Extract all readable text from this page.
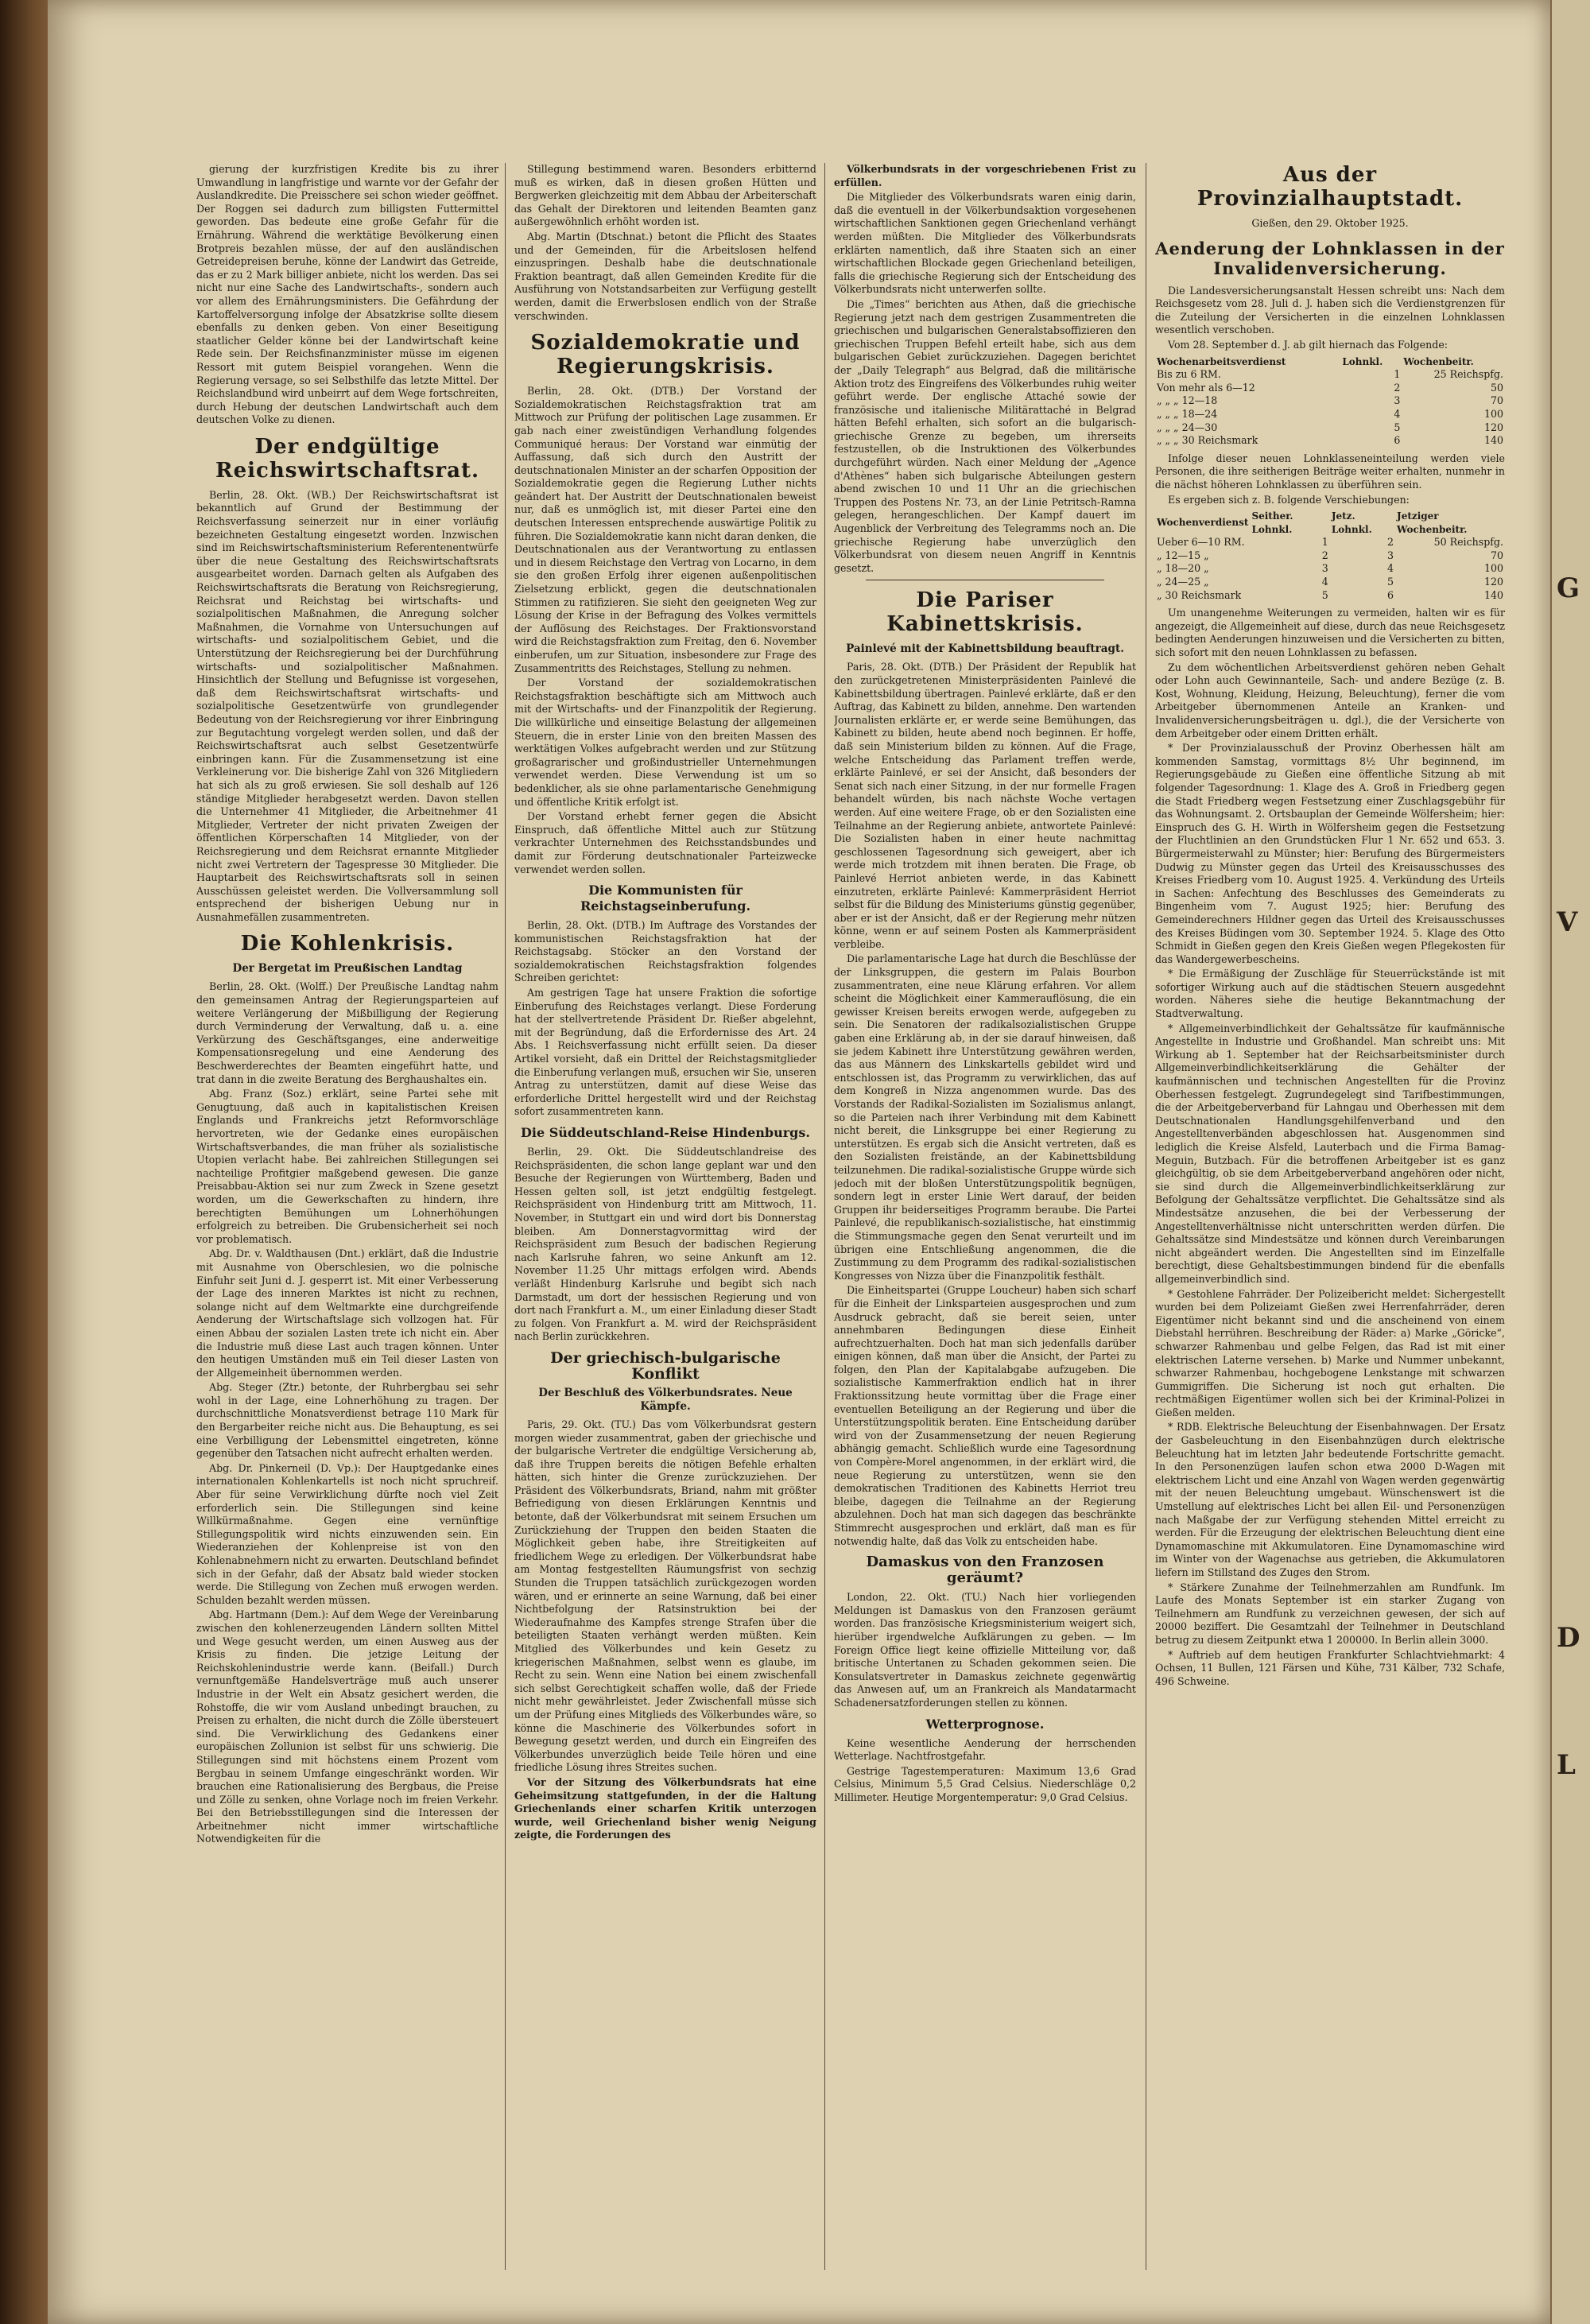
gierung der kurzfristigen Kredite bis zu ihrer Umwandlung in langfristige und warnte vor der Gefahr der Auslandkredite. Die Preisschere sei schon wieder geöffnet. Der Roggen sei dadurch zum billigsten Futtermittel geworden. Das bedeute eine große Gefahr für die Ernährung. Während die werktätige Bevölkerung einen Brotpreis bezahlen müsse, der auf den ausländischen Getreidepreisen beruhe, könne der Landwirt das Getreide, das er zu 2 Mark billiger anbiete, nicht los werden. Das sei nicht nur eine Sache des Landwirtschafts-, sondern auch vor allem des Ernährungsministers. Die Gefährdung der Kartoffelversorgung infolge der Absatzkrise sollte diesem ebenfalls zu denken geben. Von einer Beseitigung staatlicher Gelder könne bei der Landwirtschaft keine Rede sein. Der Reichsfinanzminister müsse im eigenen Ressort mit gutem Beispiel vorangehen. Wenn die Regierung versage, so sei Selbsthilfe das letzte Mittel. Der Reichslandbund wird unbeirrt auf dem Wege fortschreiten, durch Hebung der deutschen Landwirtschaft auch dem deutschen Volke zu dienen.

Der endgültige Reichswirtschaftsrat.

Berlin, 28. Okt. (WB.) Der Reichswirtschaftsrat ist bekanntlich auf Grund der Bestimmung der Reichsverfassung seinerzeit nur in einer vorläufig bezeichneten Gestaltung eingesetzt worden. Inzwischen sind im Reichswirtschaftsministerium Referentenentwürfe über die neue Gestaltung des Reichswirtschaftsrats ausgearbeitet worden. Darnach gelten als Aufgaben des Reichswirtschaftsrats die Beratung von Reichsregierung, Reichsrat und Reichstag bei wirtschafts- und sozialpolitischen Maßnahmen, die Anregung solcher Maßnahmen, die Vornahme von Untersuchungen auf wirtschafts- und sozialpolitischem Gebiet, und die Unterstützung der Reichsregierung bei der Durchführung wirtschafts- und sozialpolitischer Maßnahmen. Hinsichtlich der Stellung und Befugnisse ist vorgesehen, daß dem Reichswirtschaftsrat wirtschafts- und sozialpolitische Gesetzentwürfe von grundlegender Bedeutung von der Reichsregierung vor ihrer Einbringung zur Begutachtung vorgelegt werden sollen, und daß der Reichswirtschaftsrat auch selbst Gesetzentwürfe einbringen kann. Für die Zusammensetzung ist eine Verkleinerung vor. Die bisherige Zahl von 326 Mitgliedern hat sich als zu groß erwiesen. Sie soll deshalb auf 126 ständige Mitglieder herabgesetzt werden. Davon stellen die Unternehmer 41 Mitglieder, die Arbeitnehmer 41 Mitglieder, Vertreter der nicht privaten Zweigen der öffentlichen Körperschaften 14 Mitglieder, von der Reichsregierung und dem Reichsrat ernannte Mitglieder nicht zwei Vertretern der Tagespresse 30 Mitglieder. Die Hauptarbeit des Reichswirtschaftsrats soll in seinen Ausschüssen geleistet werden. Die Vollversammlung soll entsprechend der bisherigen Uebung nur in Ausnahmefällen zusammentreten.

Die Kohlenkrisis.
Der Bergetat im Preußischen Landtag

Berlin, 28. Okt. (Wolff.) Der Preußische Landtag nahm den gemeinsamen Antrag der Regierungsparteien auf weitere Verlängerung der Mißbilligung der Regierung durch Verminderung der Verwaltung, daß u. a. eine Verkürzung des Geschäftsganges, eine anderweitige Kompensationsregelung und eine Aenderung des Beschwerderechtes der Beamten eingeführt hatte, und trat dann in die zweite Beratung des Berghaushaltes ein.

Abg. Franz (Soz.) erklärt, seine Partei sehe mit Genugtuung, daß auch in kapitalistischen Kreisen Englands und Frankreichs jetzt Reformvorschläge hervortreten, wie der Gedanke eines europäischen Wirtschaftsverbandes, die man früher als sozialistische Utopien verlacht habe. Bei zahlreichen Stillegungen sei nachteilige Profitgier maßgebend gewesen. Die ganze Preisabbau-Aktion sei nur zum Zweck in Szene gesetzt worden, um die Gewerkschaften zu hindern, ihre berechtigten Bemühungen um Lohnerhöhungen erfolgreich zu betreiben. Die Grubensicherheit sei noch vor problematisch.

Abg. Dr. v. Waldthausen (Dnt.) erklärt, daß die Industrie mit Ausnahme von Oberschlesien, wo die polnische Einfuhr seit Juni d. J. gesperrt ist. Mit einer Verbesserung der Lage des inneren Marktes ist nicht zu rechnen, solange nicht auf dem Weltmarkte eine durchgreifende Aenderung der Wirtschaftslage sich vollzogen hat. Für einen Abbau der sozialen Lasten trete ich nicht ein. Aber die Industrie muß diese Last auch tragen können. Unter den heutigen Umständen muß ein Teil dieser Lasten von der Allgemeinheit übernommen werden.

Abg. Steger (Ztr.) betonte, der Ruhrbergbau sei sehr wohl in der Lage, eine Lohnerhöhung zu tragen. Der durchschnittliche Monatsverdienst betrage 110 Mark für den Bergarbeiter reiche nicht aus. Die Behauptung, es sei eine Verbilligung der Lebensmittel eingetreten, könne gegenüber den Tatsachen nicht aufrecht erhalten werden.

Abg. Dr. Pinkerneil (D. Vp.): Der Hauptgedanke eines internationalen Kohlenkartells ist noch nicht spruchreif. Aber für seine Verwirklichung dürfte noch viel Zeit erforderlich sein. Die Stillegungen sind keine Willkürmaßnahme. Gegen eine vernünftige Stillegungspolitik wird nichts einzuwenden sein. Ein Wiederanziehen der Kohlenpreise ist von den Kohlenabnehmern nicht zu erwarten. Deutschland befindet sich in der Gefahr, daß der Absatz bald wieder stocken werde. Die Stillegung von Zechen muß erwogen werden. Schulden bezahlt werden müssen.

Abg. Hartmann (Dem.): Auf dem Wege der Vereinbarung zwischen den kohlenerzeugenden Ländern sollten Mittel und Wege gesucht werden, um einen Ausweg aus der Krisis zu finden. Die jetzige Leitung der Reichskohlenindustrie werde kann. (Beifall.) Durch vernunftgemäße Handelsverträge muß auch unserer Industrie in der Welt ein Absatz gesichert werden, die Rohstoffe, die wir vom Ausland unbedingt brauchen, zu Preisen zu erhalten, die nicht durch die Zölle übersteuert sind. Die Verwirklichung des Gedankens einer europäischen Zollunion ist selbst für uns schwierig. Die Stillegungen sind mit höchstens einem Prozent vom Bergbau in seinem Umfange eingeschränkt worden. Wir brauchen eine Rationalisierung des Bergbaus, die Preise und Zölle zu senken, ohne Vorlage noch im freien Verkehr. Bei den Betriebsstillegungen sind die Interessen der Arbeitnehmer nicht immer wirtschaftliche Notwendigkeiten für die

Stillegung bestimmend waren. Besonders erbitternd muß es wirken, daß in diesen großen Hütten und Bergwerken gleichzeitig mit dem Abbau der Arbeiterschaft das Gehalt der Direktoren und leitenden Beamten ganz außergewöhnlich erhöht worden ist.

Abg. Martin (Dtschnat.) betont die Pflicht des Staates und der Gemeinden, für die Arbeitslosen helfend einzuspringen. Deshalb habe die deutschnationale Fraktion beantragt, daß allen Gemeinden Kredite für die Ausführung von Notstandsarbeiten zur Verfügung gestellt werden, damit die Erwerbslosen endlich von der Straße verschwinden.

Sozialdemokratie und Regierungskrisis.

Berlin, 28. Okt. (DTB.) Der Vorstand der Sozialdemokratischen Reichstagsfraktion trat am Mittwoch zur Prüfung der politischen Lage zusammen. Er gab nach einer zweistündigen Verhandlung folgendes Communiqué heraus: Der Vorstand war einmütig der Auffassung, daß sich durch den Austritt der deutschnationalen Minister an der scharfen Opposition der Sozialdemokratie gegen die Regierung Luther nichts geändert hat. Der Austritt der Deutschnationalen beweist nur, daß es unmöglich ist, mit dieser Partei eine den deutschen Interessen entsprechende auswärtige Politik zu führen. Die Sozialdemokratie kann nicht daran denken, die Deutschnationalen aus der Verantwortung zu entlassen und in diesem Reichstage den Vertrag von Locarno, in dem sie den großen Erfolg ihrer eigenen außenpolitischen Zielsetzung erblickt, gegen die deutschnationalen Stimmen zu ratifizieren. Sie sieht den geeigneten Weg zur Lösung der Krise in der Befragung des Volkes vermittels der Auflösung des Reichstages. Der Fraktionsvorstand wird die Reichstagsfraktion zum Freitag, den 6. November einberufen, um zur Situation, insbesondere zur Frage des Zusammentritts des Reichstages, Stellung zu nehmen.

Der Vorstand der sozialdemokratischen Reichstagsfraktion beschäftigte sich am Mittwoch auch mit der Wirtschafts- und der Finanzpolitik der Regierung. Die willkürliche und einseitige Belastung der allgemeinen Steuern, die in erster Linie von den breiten Massen des werktätigen Volkes aufgebracht werden und zur Stützung großagrarischer und großindustrieller Unternehmungen verwendet werden. Diese Verwendung ist um so bedenklicher, als sie ohne parlamentarische Genehmigung und öffentliche Kritik erfolgt ist.

Der Vorstand erhebt ferner gegen die Absicht Einspruch, daß öffentliche Mittel auch zur Stützung verkrachter Unternehmen des Reichsstandsbundes und damit zur Förderung deutschnationaler Parteizwecke verwendet werden sollen.

Die Kommunisten für Reichstagseinberufung.

Berlin, 28. Okt. (DTB.) Im Auftrage des Vorstandes der kommunistischen Reichstagsfraktion hat der Reichstagsabg. Stöcker an den Vorstand der sozialdemokratischen Reichstagsfraktion folgendes Schreiben gerichtet:

Am gestrigen Tage hat unsere Fraktion die sofortige Einberufung des Reichstages verlangt. Diese Forderung hat der stellvertretende Präsident Dr. Rießer abgelehnt, mit der Begründung, daß die Erfordernisse des Art. 24 Abs. 1 Reichsverfassung nicht erfüllt seien. Da dieser Artikel vorsieht, daß ein Drittel der Reichstagsmitglieder die Einberufung verlangen muß, ersuchen wir Sie, unseren Antrag zu unterstützen, damit auf diese Weise das erforderliche Drittel hergestellt wird und der Reichstag sofort zusammentreten kann.

Die Süddeutschland-Reise Hindenburgs.

Berlin, 29. Okt. Die Süddeutschlandreise des Reichspräsidenten, die schon lange geplant war und den Besuche der Regierungen von Württemberg, Baden und Hessen gelten soll, ist jetzt endgültig festgelegt. Reichspräsident von Hindenburg tritt am Mittwoch, 11. November, in Stuttgart ein und wird dort bis Donnerstag bleiben. Am Donnerstagvormittag wird der Reichspräsident zum Besuch der badischen Regierung nach Karlsruhe fahren, wo seine Ankunft am 12. November 11.25 Uhr mittags erfolgen wird. Abends verläßt Hindenburg Karlsruhe und begibt sich nach Darmstadt, um dort der hessischen Regierung und von dort nach Frankfurt a. M., um einer Einladung dieser Stadt zu folgen. Von Frankfurt a. M. wird der Reichspräsident nach Berlin zurückkehren.

Der griechisch-bulgarische Konflikt
Der Beschluß des Völkerbundsrates. Neue Kämpfe.

Paris, 29. Okt. (TU.) Das vom Völkerbundsrat gestern morgen wieder zusammentrat, gaben der griechische und der bulgarische Vertreter die endgültige Versicherung ab, daß ihre Truppen bereits die nötigen Befehle erhalten hätten, sich hinter die Grenze zurückzuziehen. Der Präsident des Völkerbundsrats, Briand, nahm mit größter Befriedigung von diesen Erklärungen Kenntnis und betonte, daß der Völkerbundsrat mit seinem Ersuchen um Zurückziehung der Truppen den beiden Staaten die Möglichkeit geben habe, ihre Streitigkeiten auf friedlichem Wege zu erledigen. Der Völkerbundsrat habe am Montag festgestellten Räumungsfrist von sechzig Stunden die Truppen tatsächlich zurückgezogen worden wären, und er erinnerte an seine Warnung, daß bei einer Nichtbefolgung der Ratsinstruktion bei der Wiederaufnahme des Kampfes strenge Strafen über die beteiligten Staaten verhängt werden müßten. Kein Mitglied des Völkerbundes und kein Gesetz zu kriegerischen Maßnahmen, selbst wenn es glaube, im Recht zu sein. Wenn eine Nation bei einem zwischenfall sich selbst Gerechtigkeit schaffen wolle, daß der Friede nicht mehr gewährleistet. Jeder Zwischenfall müsse sich um der Prüfung eines Mitglieds des Völkerbundes wäre, so könne die Maschinerie des Völkerbundes sofort in Bewegung gesetzt werden, und durch ein Eingreifen des Völkerbundes unverzüglich beide Teile hören und eine friedliche Lösung ihres Streites suchen.

Vor der Sitzung des Völkerbundsrats hat eine Geheimsitzung stattgefunden, in der die Haltung Griechenlands einer scharfen Kritik unterzogen wurde, weil Griechenland bisher wenig Neigung zeigte, die Forderungen des

Völkerbundsrats in der vorgeschriebenen Frist zu erfüllen.

Die Mitglieder des Völkerbundsrats waren einig darin, daß die eventuell in der Völkerbundsaktion vorgesehenen wirtschaftlichen Sanktionen gegen Griechenland verhängt werden müßten. Die Mitglieder des Völkerbundsrats erklärten namentlich, daß ihre Staaten sich an einer wirtschaftlichen Blockade gegen Griechenland beteiligen, falls die griechische Regierung sich der Entscheidung des Völkerbundsrats nicht unterwerfen sollte.

Die „Times“ berichten aus Athen, daß die griechische Regierung jetzt nach dem gestrigen Zusammentreten die griechischen und bulgarischen Generalstabsoffizieren den griechischen Truppen Befehl erteilt habe, sich aus dem bulgarischen Gebiet zurückzuziehen. Dagegen berichtet der „Daily Telegraph“ aus Belgrad, daß die militärische Aktion trotz des Eingreifens des Völkerbundes ruhig weiter geführt werde. Der englische Attaché sowie der französische und italienische Militärattaché in Belgrad hätten Befehl erhalten, sich sofort an die bulgarisch-griechische Grenze zu begeben, um ihrerseits festzustellen, ob die Instruktionen des Völkerbundes durchgeführt würden. Nach einer Meldung der „Agence d'Athènes“ haben sich bulgarische Abteilungen gestern abend zwischen 10 und 11 Uhr an die griechischen Truppen des Postens Nr. 73, an der Linie Petritsch-Ramna gelegen, herangeschlichen. Der Kampf dauert im Augenblick der Verbreitung des Telegramms noch an. Die griechische Regierung habe unverzüglich den Völkerbundsrat von diesem neuen Angriff in Kenntnis gesetzt.

Die Pariser Kabinettskrisis.
Painlevé mit der Kabinettsbildung beauftragt.

Paris, 28. Okt. (DTB.) Der Präsident der Republik hat den zurückgetretenen Ministerpräsidenten Painlevé die Kabinettsbildung übertragen. Painlevé erklärte, daß er den Auftrag, das Kabinett zu bilden, annehme. Den wartenden Journalisten erklärte er, er werde seine Bemühungen, das Kabinett zu bilden, heute abend noch beginnen. Er hoffe, daß sein Ministerium bilden zu können. Auf die Frage, welche Entscheidung das Parlament treffen werde, erklärte Painlevé, er sei der Ansicht, daß besonders der Senat sich nach einer Sitzung, in der nur formelle Fragen behandelt würden, bis nach nächste Woche vertagen werden. Auf eine weitere Frage, ob er den Sozialisten eine Teilnahme an der Regierung anbiete, antwortete Painlevé: Die Sozialisten haben in einer heute nachmittag geschlossenen Tagesordnung sich geweigert, aber ich werde mich trotzdem mit ihnen beraten. Die Frage, ob Painlevé Herriot anbieten werde, in das Kabinett einzutreten, erklärte Painlevé: Kammerpräsident Herriot selbst für die Bildung des Ministeriums günstig gegenüber, aber er ist der Ansicht, daß er der Regierung mehr nützen könne, wenn er auf seinem Posten als Kammerpräsident verbleibe.

Die parlamentarische Lage hat durch die Beschlüsse der der Linksgruppen, die gestern im Palais Bourbon zusammentraten, eine neue Klärung erfahren. Vor allem scheint die Möglichkeit einer Kammerauflösung, die ein gewisser Kreisen bereits erwogen werde, aufgegeben zu sein. Die Senatoren der radikalsozialistischen Gruppe gaben eine Erklärung ab, in der sie darauf hinweisen, daß sie jedem Kabinett ihre Unterstützung gewähren werden, das aus Männern des Linkskartells gebildet wird und entschlossen ist, das Programm zu verwirklichen, das auf dem Kongreß in Nizza angenommen wurde. Das des Vorstands der Radikal-Sozialisten im Sozialismus anlangt, so die Parteien nach ihrer Verbindung mit dem Kabinett nicht bereit, die Linksgruppe bei einer Regierung zu unterstützen. Es ergab sich die Ansicht vertreten, daß es den Sozialisten freistände, an der Kabinettsbildung teilzunehmen. Die radikal-sozialistische Gruppe würde sich jedoch mit der bloßen Unterstützungspolitik begnügen, sondern legt in erster Linie Wert darauf, der beiden Gruppen ihr beiderseitiges Programm beraube. Die Partei Painlevé, die republikanisch-sozialistische, hat einstimmig die Stimmungsmache gegen den Senat verurteilt und im übrigen eine Entschließung angenommen, die die Zustimmung zu dem Programm des radikal-sozialistischen Kongresses von Nizza über die Finanzpolitik festhält.

Die Einheitspartei (Gruppe Loucheur) haben sich scharf für die Einheit der Linksparteien ausgesprochen und zum Ausdruck gebracht, daß sie bereit seien, unter annehmbaren Bedingungen diese Einheit aufrechtzuerhalten. Doch hat man sich jedenfalls darüber einigen können, daß man über die Ansicht, der Partei zu folgen, den Plan der Kapitalabgabe aufzugeben. Die sozialistische Kammerfraktion endlich hat in ihrer Fraktionssitzung heute vormittag über die Frage einer eventuellen Beteiligung an der Regierung und über die Unterstützungspolitik beraten. Eine Entscheidung darüber wird von der Zusammensetzung der neuen Regierung abhängig gemacht. Schließlich wurde eine Tagesordnung von Compère-Morel angenommen, in der erklärt wird, die neue Regierung zu unterstützen, wenn sie den demokratischen Traditionen des Kabinetts Herriot treu bleibe, dagegen die Teilnahme an der Regierung abzulehnen. Doch hat man sich dagegen das beschränkte Stimmrecht ausgesprochen und erklärt, daß man es für notwendig halte, daß das Volk zu entscheiden habe.

Damaskus von den Franzosen geräumt?

London, 22. Okt. (TU.) Nach hier vorliegenden Meldungen ist Damaskus von den Franzosen geräumt worden. Das französische Kriegsministerium weigert sich, hierüber irgendwelche Aufklärungen zu geben. — Im Foreign Office liegt keine offizielle Mitteilung vor, daß britische Untertanen zu Schaden gekommen seien. Die Konsulatsvertreter in Damaskus zeichnete gegenwärtig das Anwesen auf, um an Frankreich als Mandatarmacht Schadenersatzforderungen stellen zu können.

Wetterprognose.

Keine wesentliche Aenderung der herrschenden Wetterlage. Nachtfrostgefahr.

Gestrige Tagestemperaturen: Maximum 13,6 Grad Celsius, Minimum 5,5 Grad Celsius. Niederschläge 0,2 Millimeter. Heutige Morgentemperatur: 9,0 Grad Celsius.

Aus der Provinzialhauptstadt.
Gießen, den 29. Oktober 1925.
Aenderung der Lohnklassen in der Invalidenversicherung.

Die Landesversicherungsanstalt Hessen schreibt uns: Nach dem Reichsgesetz vom 28. Juli d. J. haben sich die Verdienstgrenzen für die Zuteilung der Versicherten in die einzelnen Lohnklassen wesentlich verschoben.

Vom 28. September d. J. ab gilt hiernach das Folgende:

Wochenarbeitsverdienst	Lohnkl.	Wochenbeitr.
Bis zu 6 RM.	1	25 Reichspfg.
Von mehr als 6—12	2	50
„ „ „ 12—18	3	70
„ „ „ 18—24	4	100
„ „ „ 24—30	5	120
„ „ „ 30 Reichsmark	6	140

Infolge dieser neuen Lohnklasseneinteilung werden viele Personen, die ihre seitherigen Beiträge weiter erhalten, nunmehr in die nächst höheren Lohnklassen zu überführen sein.

Es ergeben sich z. B. folgende Verschiebungen:

Wochenverdienst	Seither. Lohnkl.	Jetz. Lohnkl.	Jetziger Wochenbeitr.
Ueber 6—10 RM.	1	2	50 Reichspfg.
„ 12—15 „	2	3	70
„ 18—20 „	3	4	100
„ 24—25 „	4	5	120
„ 30 Reichsmark	5	6	140

Um unangenehme Weiterungen zu vermeiden, halten wir es für angezeigt, die Allgemeinheit auf diese, durch das neue Reichsgesetz bedingten Aenderungen hinzuweisen und die Versicherten zu bitten, sich sofort mit den neuen Lohnklassen zu befassen.

Zu dem wöchentlichen Arbeitsverdienst gehören neben Gehalt oder Lohn auch Gewinnanteile, Sach- und andere Bezüge (z. B. Kost, Wohnung, Kleidung, Heizung, Beleuchtung), ferner die vom Arbeitgeber übernommenen Anteile an Kranken- und Invalidenversicherungsbeiträgen u. dgl.), die der Versicherte von dem Arbeitgeber oder einem Dritten erhält.

* Der Provinzialausschuß der Provinz Oberhessen hält am kommenden Samstag, vormittags 8½ Uhr beginnend, im Regierungsgebäude zu Gießen eine öffentliche Sitzung ab mit folgender Tagesordnung: 1. Klage des A. Groß in Friedberg gegen die Stadt Friedberg wegen Festsetzung einer Zuschlagsgebühr für das Wohnungsamt. 2. Ortsbauplan der Gemeinde Wölfersheim; hier: Einspruch des G. H. Wirth in Wölfersheim gegen die Festsetzung der Fluchtlinien an den Grundstücken Flur 1 Nr. 652 und 653. 3. Bürgermeisterwahl zu Münster; hier: Berufung des Bürgermeisters Dudwig zu Münster gegen das Urteil des Kreisausschusses des Kreises Friedberg vom 10. August 1925. 4. Verkündung des Urteils in Sachen: Anfechtung des Beschlusses des Gemeinderats zu Bingenheim vom 7. August 1925; hier: Berufung des Gemeinderechners Hildner gegen das Urteil des Kreisausschusses des Kreises Büdingen vom 30. September 1924. 5. Klage des Otto Schmidt in Gießen gegen den Kreis Gießen wegen Pflegekosten für das Wandergewerbescheins.

* Die Ermäßigung der Zuschläge für Steuerrückstände ist mit sofortiger Wirkung auch auf die städtischen Steuern ausgedehnt worden. Näheres siehe die heutige Bekanntmachung der Stadtverwaltung.

* Allgemeinverbindlichkeit der Gehaltssätze für kaufmännische Angestellte in Industrie und Großhandel. Man schreibt uns: Mit Wirkung ab 1. September hat der Reichsarbeitsminister durch Allgemeinverbindlichkeitserklärung die Gehälter der kaufmännischen und technischen Angestellten für die Provinz Oberhessen festgelegt. Zugrundegelegt sind Tarifbestimmungen, die der Arbeitgeberverband für Lahngau und Oberhessen mit dem Deutschnationalen Handlungsgehilfenverband und den Angestelltenverbänden abgeschlossen hat. Ausgenommen sind lediglich die Kreise Alsfeld, Lauterbach und die Firma Bamag-Meguin, Butzbach. Für die betroffenen Arbeitgeber ist es ganz gleichgültig, ob sie dem Arbeitgeberverband angehören oder nicht, sie sind durch die Allgemeinverbindlichkeitserklärung zur Befolgung der Gehaltssätze verpflichtet. Die Gehaltssätze sind als Mindestsätze anzusehen, die bei der Verbesserung der Angestelltenverhältnisse nicht unterschritten werden dürfen. Die Gehaltssätze sind Mindestsätze und können durch Vereinbarungen nicht abgeändert werden. Die Angestellten sind im Einzelfalle berechtigt, diese Gehaltsbestimmungen bindend für die ebenfalls allgemeinverbindlich sind.

* Gestohlene Fahrräder. Der Polizeibericht meldet: Sichergestellt wurden bei dem Polizeiamt Gießen zwei Herrenfahrräder, deren Eigentümer nicht bekannt sind und die anscheinend von einem Diebstahl herrühren. Beschreibung der Räder: a) Marke „Göricke“, schwarzer Rahmenbau und gelbe Felgen, das Rad ist mit einer elektrischen Laterne versehen. b) Marke und Nummer unbekannt, schwarzer Rahmenbau, hochgebogene Lenkstange mit schwarzen Gummigriffen. Die Sicherung ist noch gut erhalten. Die rechtmäßigen Eigentümer wollen sich bei der Kriminal-Polizei in Gießen melden.

* RDB. Elektrische Beleuchtung der Eisenbahnwagen. Der Ersatz der Gasbeleuchtung in den Eisenbahnzügen durch elektrische Beleuchtung hat im letzten Jahr bedeutende Fortschritte gemacht. In den Personenzügen laufen schon etwa 2000 D-Wagen mit elektrischem Licht und eine Anzahl von Wagen werden gegenwärtig mit der neuen Beleuchtung umgebaut. Wünschenswert ist die Umstellung auf elektrisches Licht bei allen Eil- und Personenzügen nach Maßgabe der zur Verfügung stehenden Mittel erreicht zu werden. Für die Erzeugung der elektrischen Beleuchtung dient eine Dynamomaschine mit Akkumulatoren. Eine Dynamomaschine wird im Winter von der Wagenachse aus getrieben, die Akkumulatoren liefern im Stillstand des Zuges den Strom.

* Stärkere Zunahme der Teilnehmerzahlen am Rundfunk. Im Laufe des Monats September ist ein starker Zugang von Teilnehmern am Rundfunk zu verzeichnen gewesen, der sich auf 20000 beziffert. Die Gesamtzahl der Teilnehmer in Deutschland betrug zu diesem Zeitpunkt etwa 1 200000. In Berlin allein 3000.

* Auftrieb auf dem heutigen Frankfurter Schlachtviehmarkt: 4 Ochsen, 11 Bullen, 121 Färsen und Kühe, 731 Kälber, 732 Schafe, 496 Schweine.

G
V
D
L
